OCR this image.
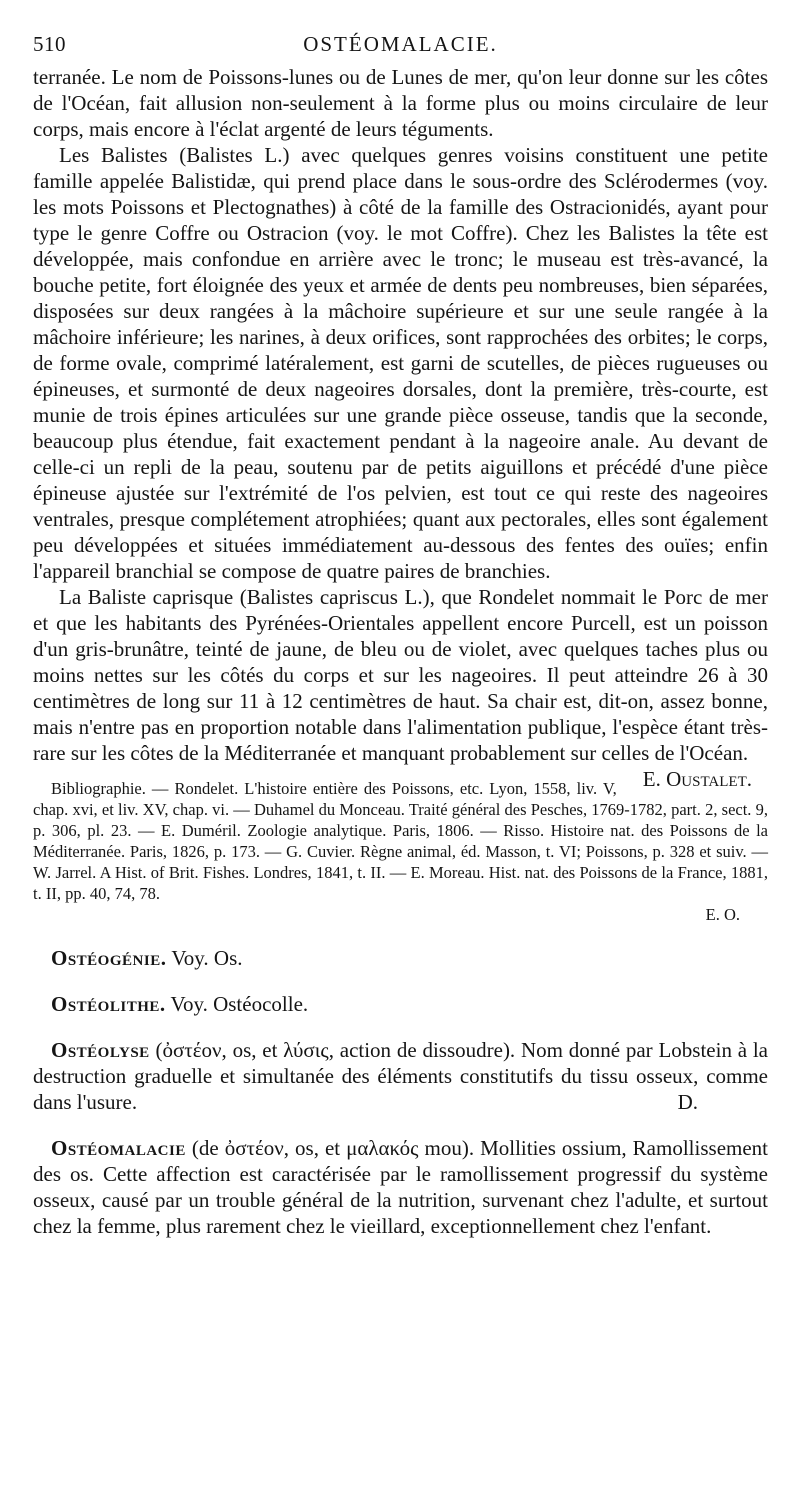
510	OSTÉOMALACIE.

terranée. Le nom de Poissons-lunes ou de Lunes de mer, qu'on leur donne sur les côtes de l'Océan, fait allusion non-seulement à la forme plus ou moins circulaire de leur corps, mais encore à l'éclat argenté de leurs téguments.

Les Balistes (Balistes L.) avec quelques genres voisins constituent une petite famille appelée Balistidæ, qui prend place dans le sous-ordre des Sclérodermes (voy. les mots Poissons et Plectognathes) à côté de la famille des Ostracionidés, ayant pour type le genre Coffre ou Ostracion (voy. le mot Coffre). Chez les Balistes la tête est développée, mais confondue en arrière avec le tronc; le museau est très-avancé, la bouche petite, fort éloignée des yeux et armée de dents peu nombreuses, bien séparées, disposées sur deux rangées à la mâchoire supérieure et sur une seule rangée à la mâchoire inférieure; les narines, à deux orifices, sont rapprochées des orbites; le corps, de forme ovale, comprimé latéralement, est garni de scutelles, de pièces rugueuses ou épineuses, et surmonté de deux nageoires dorsales, dont la première, très-courte, est munie de trois épines articulées sur une grande pièce osseuse, tandis que la seconde, beaucoup plus étendue, fait exactement pendant à la nageoire anale. Au devant de celle-ci un repli de la peau, soutenu par de petits aiguillons et précédé d'une pièce épineuse ajustée sur l'extrémité de l'os pelvien, est tout ce qui reste des nageoires ventrales, presque complétement atrophiées; quant aux pectorales, elles sont également peu développées et situées immédiatement au-dessous des fentes des ouïes; enfin l'appareil branchial se compose de quatre paires de branchies.

La Baliste caprisque (Balistes capriscus L.), que Rondelet nommait le Porc de mer et que les habitants des Pyrénées-Orientales appellent encore Purcell, est un poisson d'un gris-brunâtre, teinté de jaune, de bleu ou de violet, avec quelques taches plus ou moins nettes sur les côtés du corps et sur les nageoires. Il peut atteindre 26 à 30 centimètres de long sur 11 à 12 centimètres de haut. Sa chair est, dit-on, assez bonne, mais n'entre pas en proportion notable dans l'alimentation publique, l'espèce étant très-rare sur les côtes de la Méditerranée et manquant probablement sur celles de l'Océan.
E. Oustalet.

Bibliographie. — Rondelet. L'histoire entière des Poissons, etc. Lyon, 1558, liv. V, chap. xvi, et liv. XV, chap. vi. — Duhamel du Monceau. Traité général des Pesches, 1769-1782, part. 2, sect. 9, p. 306, pl. 23. — E. Duméril. Zoologie analytique. Paris, 1806. — Risso. Histoire nat. des Poissons de la Méditerranée. Paris, 1826, p. 173. — G. Cuvier. Règne animal, éd. Masson, t. VI; Poissons, p. 328 et suiv. — W. Jarrel. A Hist. of Brit. Fishes. Londres, 1841, t. II. — E. Moreau. Hist. nat. des Poissons de la France, 1881, t. II, pp. 40, 74, 78.

E. O.

Ostéogénie. Voy. Os.

Ostéolithe. Voy. Ostéocolle.

Ostéolyse (ὀστέον, os, et λύσις, action de dissoudre). Nom donné par Lobstein à la destruction graduelle et simultanée des éléments constitutifs du tissu osseux, comme dans l'usure.	D.

Ostéomalacie (de ὀστέον, os, et μαλακός mou). Mollities ossium, Ramollissement des os. Cette affection est caractérisée par le ramollissement progressif du système osseux, causé par un trouble général de la nutrition, survenant chez l'adulte, et surtout chez la femme, plus rarement chez le vieillard, exceptionnellement chez l'enfant.
